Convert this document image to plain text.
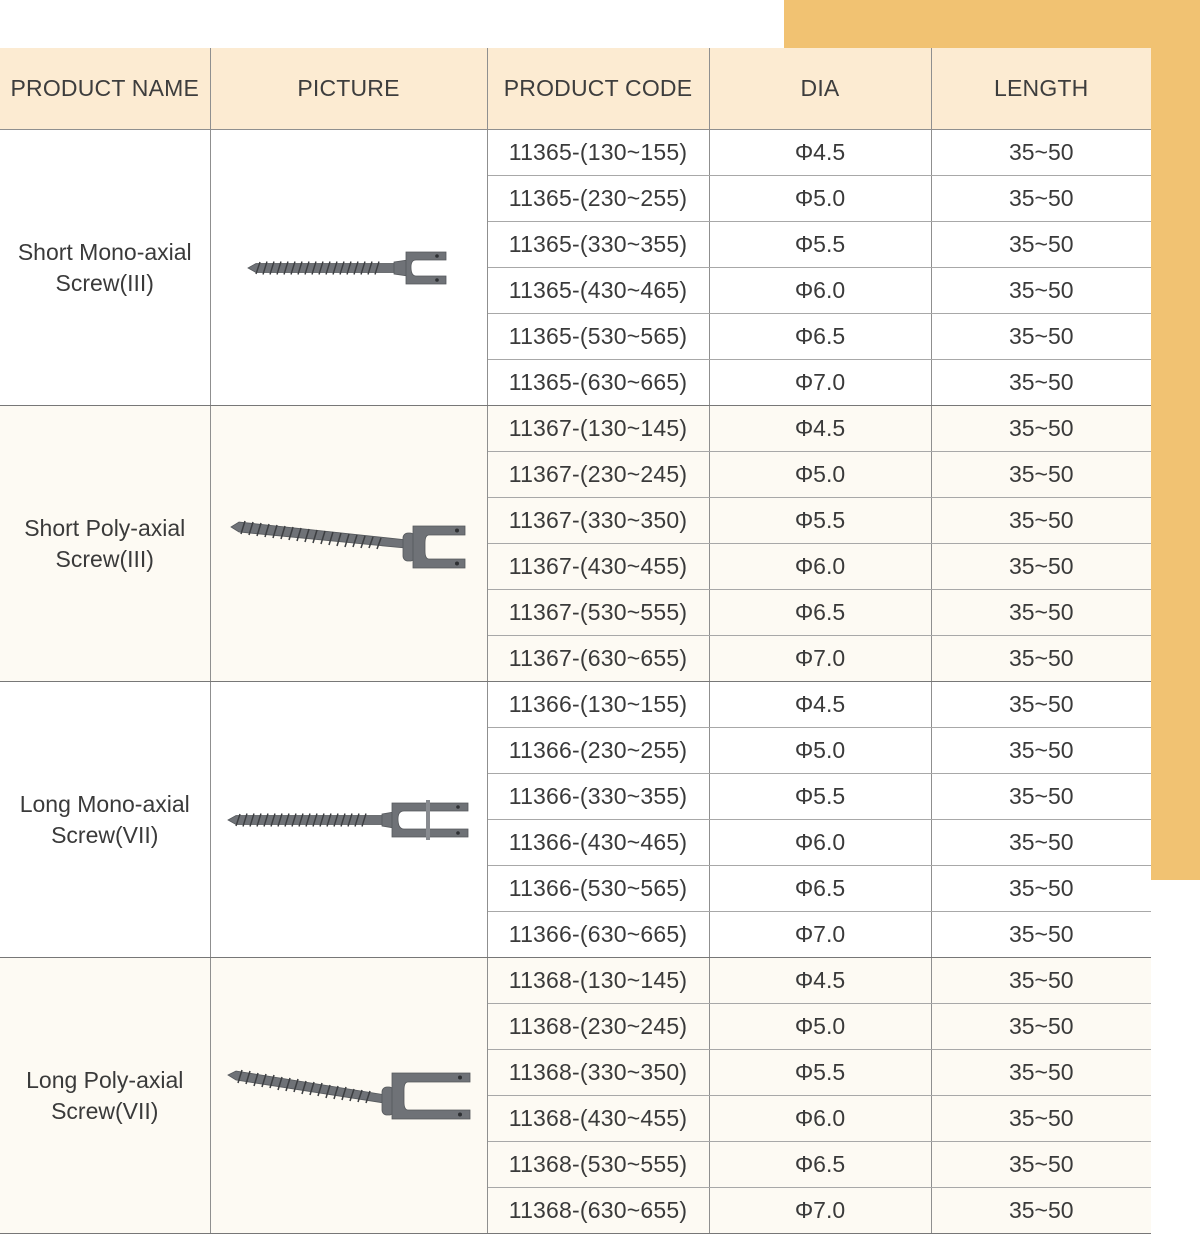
PRODUCT NAME	PICTURE	PRODUCT CODE	DIA	LENGTH

Short Mono-axial
Screw(III)		11365-(130~155)	Φ4.5	35~50
		11365-(230~255)	Φ5.0	35~50
		11365-(330~355)	Φ5.5	35~50
		11365-(430~465)	Φ6.0	35~50
		11365-(530~565)	Φ6.5	35~50
		11365-(630~665)	Φ7.0	35~50

Short Poly-axial
Screw(III)		11367-(130~145)	Φ4.5	35~50
		11367-(230~245)	Φ5.0	35~50
		11367-(330~350)	Φ5.5	35~50
		11367-(430~455)	Φ6.0	35~50
		11367-(530~555)	Φ6.5	35~50
		11367-(630~655)	Φ7.0	35~50

Long Mono-axial
Screw(VII)		11366-(130~155)	Φ4.5	35~50
		11366-(230~255)	Φ5.0	35~50
		11366-(330~355)	Φ5.5	35~50
		11366-(430~465)	Φ6.0	35~50
		11366-(530~565)	Φ6.5	35~50
		11366-(630~665)	Φ7.0	35~50

Long Poly-axial
Screw(VII)		11368-(130~145)	Φ4.5	35~50
		11368-(230~245)	Φ5.0	35~50
		11368-(330~350)	Φ5.5	35~50
		11368-(430~455)	Φ6.0	35~50
		11368-(530~555)	Φ6.5	35~50
		11368-(630~655)	Φ7.0	35~50
